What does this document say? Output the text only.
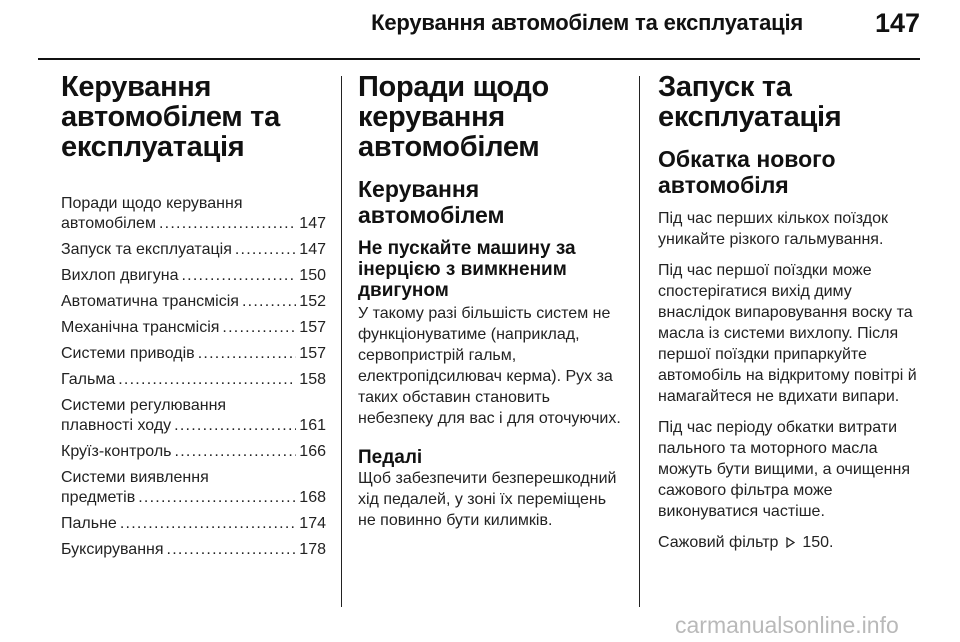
Керування автомобілем та експлуатація	147
Керування автомобілем та експлуатація
Поради щодо керування
автомобілем . . .	147
Запуск та експлуатація . . .	147
Вихлоп двигуна . . .	150
Автоматична трансмісія . . .	152
Механічна трансмісія . . .	157
Системи приводів . . .	157
Гальма . . .	158
Системи регулювання
плавності ходу . . .	161
Круїз-контроль . . .	166
Системи виявлення
предметів . . .	168
Пальне . . .	174
Буксирування . . .	178
Поради щодо керування автомобілем
Керування автомобілем
Не пускайте машину за інерцією з вимкненим двигуном

У такому разі більшість систем не функціонуватиме (наприклад, сервопристрій гальм, електропідсилювач керма). Рух за таких обставин становить небезпеку для вас і для оточуючих.

Педалі

Щоб забезпечити безперешкодний хід педалей, у зоні їх переміщень не повинно бути килимків.

Запуск та експлуатація
Обкатка нового автомобіля

Під час перших кількох поїздок уникайте різкого гальмування.

Під час першої поїздки може спостерігатися вихід диму внаслідок випаровування воску та масла із системи вихлопу. Після першої поїздки припаркуйте автомобіль на відкритому повітрі й намагайтеся не вдихати випари.

Під час періоду обкатки витрати пального та моторного масла можуть бути вищими, а очищення сажового фільтра може виконуватися частіше.

Сажовий фільтр 150.

carmanualsonline.info
